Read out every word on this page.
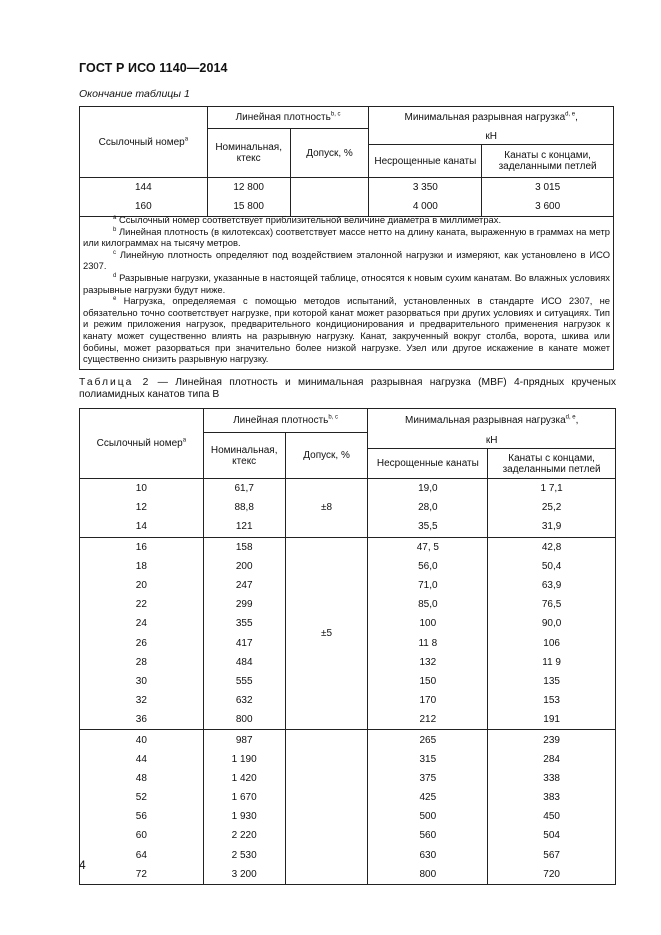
ГОСТ Р ИСО 1140—2014
Окончание таблицы 1
Ссылочный номер$^a$	Линейная плотность$^{b, c}$		Минимальная разрывная нагрузка$^{d, e}$,	
	Номинальная, ктекс	Допуск, %	кН	
			Несрощенные канаты	Канаты с концами, заделанными петлей
144	12 800		3 350	3 015
160	15 800		4 000	3 600

$^a$ Ссылочный номер соответствует приблизительной величине диаметра в миллиметрах.

$^b$ Линейная плотность (в килотексах) соответствует массе нетто на длину каната, выраженную в граммах на метр или килограммах на тысячу метров.

$^c$ Линейную плотность определяют под воздействием эталонной нагрузки и измеряют, как установлено в ИСО 2307.

$^d$ Разрывные нагрузки, указанные в настоящей таблице, относятся к новым сухим канатам. Во влажных условиях разрывные нагрузки будут ниже.

$^e$ Нагрузка, определяемая с помощью методов испытаний, установленных в стандарте ИСО 2307, не обязательно точно соответствует нагрузке, при которой канат может разорваться при других условиях и ситуациях. Тип и режим приложения нагрузок, предварительного кондиционирования и предварительного применения нагрузок к канату может существенно влиять на разрывную нагрузку. Канат, закрученный вокруг столба, ворота, шкива или бобины, может разорваться при значительно более низкой нагрузке. Узел или другое искажение в канате может существенно снизить разрывную нагрузку.

Таблица 2 — Линейная плотность и минимальная разрывная нагрузка (MBF) 4-прядных крученых полиамидных канатов типа В
Ссылочный номер$^a$	Линейная плотность$^{b, c}$		Минимальная разрывная нагрузка$^{d, e}$,	
	Номинальная, ктекс	Допуск, %	кН	
			Несрощенные канаты	Канаты с концами, заделанными петлей
10	61,7	±8	19,0	1 7,1
12	88,8		28,0	25,2
14	121		35,5	31,9
16	158	±5	47, 5	42,8
18	200		56,0	50,4
20	247		71,0	63,9
22	299		85,0	76,5
24	355		100	90,0
26	417		11 8	106
28	484		132	11 9
30	555		150	135
32	632		170	153
36	800		212	191
40	987		265	239
44	1 190		315	284
48	1 420		375	338
52	1 670		425	383
56	1 930		500	450
60	2 220		560	504
64	2 530		630	567
72	3 200		800	720
4
